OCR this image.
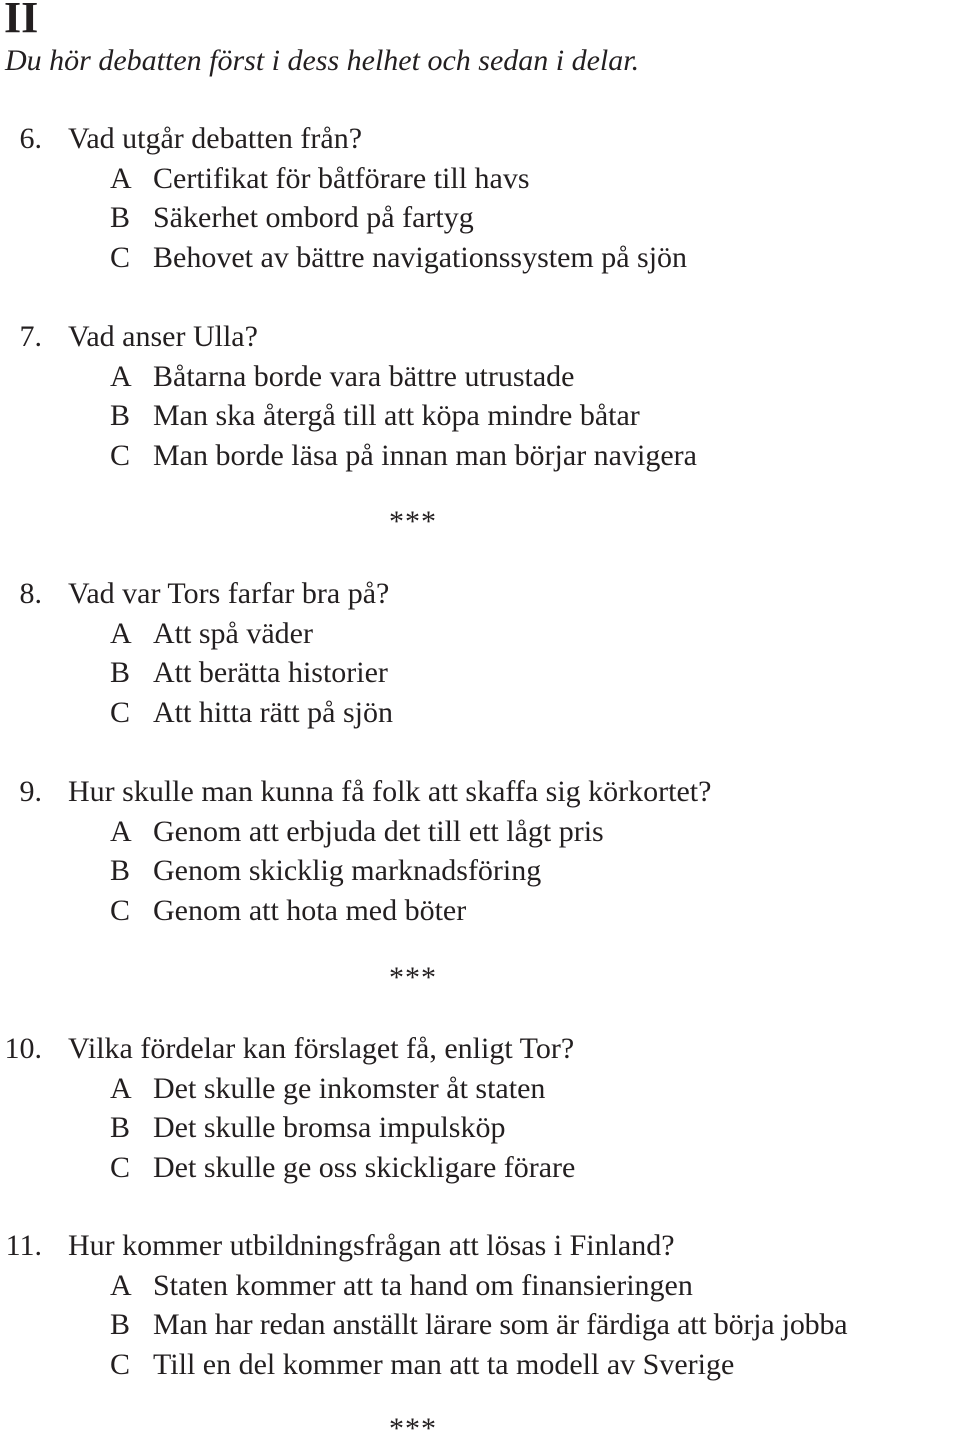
II
Du hör debatten först i dess helhet och sedan i delar.
6. Vad utgår debatten från?
A Certifikat för båtförare till havs
B Säkerhet ombord på fartyg
C Behovet av bättre navigationssystem på sjön
7. Vad anser Ulla?
A Båtarna borde vara bättre utrustade
B Man ska återgå till att köpa mindre båtar
C Man borde läsa på innan man börjar navigera
***
8. Vad var Tors farfar bra på?
A Att spå väder
B Att berätta historier
C Att hitta rätt på sjön
9. Hur skulle man kunna få folk att skaffa sig körkortet?
A Genom att erbjuda det till ett lågt pris
B Genom skicklig marknadsföring
C Genom att hota med böter
***
10. Vilka fördelar kan förslaget få, enligt Tor?
A Det skulle ge inkomster åt staten
B Det skulle bromsa impulsköp
C Det skulle ge oss skickligare förare
11. Hur kommer utbildningsfrågan att lösas i Finland?
A Staten kommer att ta hand om finansieringen
B Man har redan anställt lärare som är färdiga att börja jobba
C Till en del kommer man att ta modell av Sverige
***
